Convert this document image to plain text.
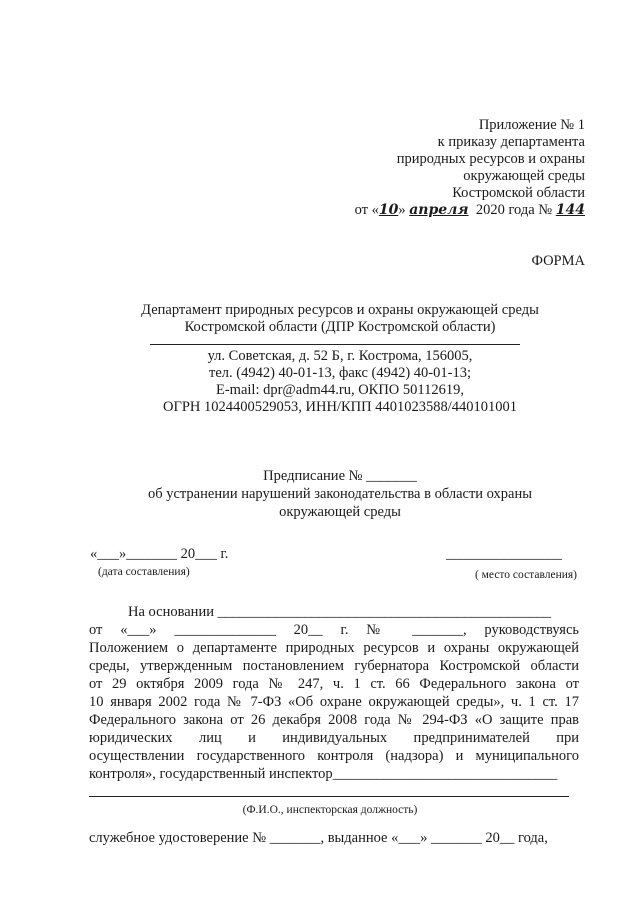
Приложение № 1
к приказу департамента
природных ресурсов и охраны
окружающей среды
Костромской области
от «10» апреля 2020 года № 144
ФОРМА
Департамент природных ресурсов и охраны окружающей среды
Костромской области (ДПР Костромской области)
ул. Советская, д. 52 Б, г. Кострома, 156005,
тел. (4942) 40-01-13, факс (4942) 40-01-13;
E-mail: dpr@adm44.ru, ОКПО 50112619,
ОГРН 1024400529053, ИНН/КПП 4401023588/440101001
Предписание № _______
об устранении нарушений законодательства в области охраны
окружающей среды
«___»_______ 20___ г.
(дата составления)
________________
( место составления)
На основании ______________________________________________
от «___» ______________ 20__ г. № _______, руководствуясь
Положением о департаменте природных ресурсов и охраны окружающей
среды, утвержденным постановлением губернатора Костромской области
от 29 октября 2009 года № 247, ч. 1 ст. 66 Федерального закона от
10 января 2002 года № 7-ФЗ «Об охране окружающей среды», ч. 1 ст. 17
Федерального закона от 26 декабря 2008 года № 294-ФЗ «О защите прав
юридических лиц и индивидуальных предпринимателей при
осуществлении государственного контроля (надзора) и муниципального
контроля», государственный инспектор_______________________________
(Ф.И.О., инспекторская должность)
служебное удостоверение № _______, выданное «___» _______ 20__ года,
